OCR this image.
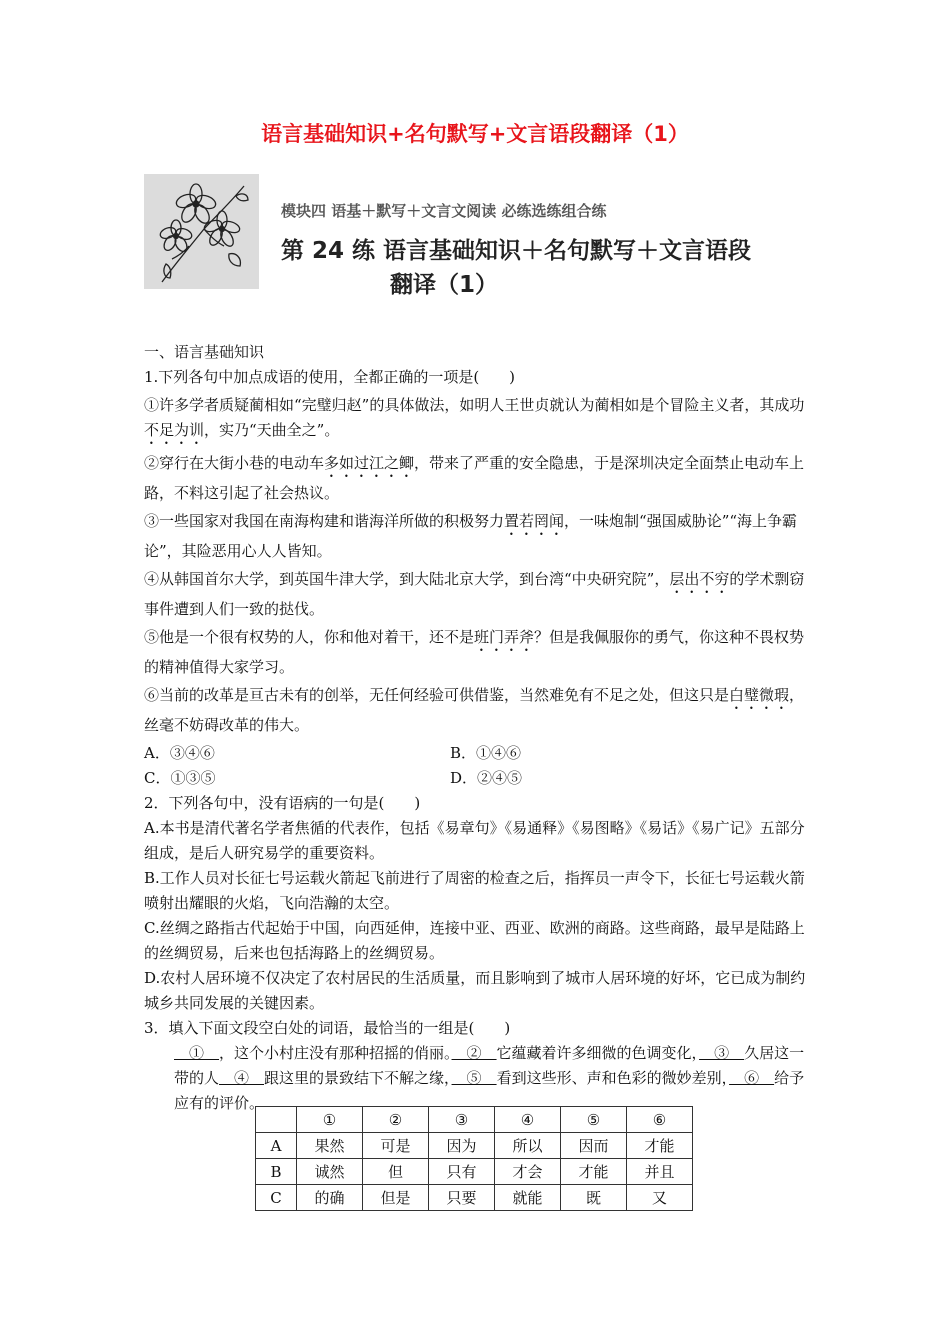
语言基础知识+名句默写+文言语段翻译（1）
模块四 语基＋默写＋文言文阅读 必练选练组合练
第 24 练 语言基础知识＋名句默写＋文言语段
翻译（1）

一、语言基础知识

1.下列各句中加点成语的使用，全都正确的一项是(　　)

①许多学者质疑蔺相如“完璧归赵”的具体做法，如明人王世贞就认为蔺相如是个冒险主义者，其成功不足为训，实乃“天曲全之”。

②穿行在大街小巷的电动车多如过江之鲫，带来了严重的安全隐患，于是深圳决定全面禁止电动车上路，不料这引起了社会热议。

③一些国家对我国在南海构建和谐海洋所做的积极努力置若罔闻，一味炮制“强国威胁论”“海上争霸论”，其险恶用心人人皆知。

④从韩国首尔大学，到英国牛津大学，到大陆北京大学，到台湾“中央研究院”，层出不穷的学术剽窃事件遭到人们一致的挞伐。

⑤他是一个很有权势的人，你和他对着干，还不是班门弄斧？但是我佩服你的勇气，你这种不畏权势的精神值得大家学习。

⑥当前的改革是亘古未有的创举，无任何经验可供借鉴，当然难免有不足之处，但这只是白璧微瑕，丝毫不妨碍改革的伟大。

A．③④⑥	B．①④⑥
C．①③⑤	D．②④⑤

2．下列各句中，没有语病的一句是(　　)

A.本书是清代著名学者焦循的代表作，包括《易章句》《易通释》《易图略》《易话》《易广记》五部分组成，是后人研究易学的重要资料。

B.工作人员对长征七号运载火箭起飞前进行了周密的检查之后，指挥员一声令下，长征七号运载火箭喷射出耀眼的火焰，飞向浩瀚的太空。

C.丝绸之路指古代起始于中国，向西延伸，连接中亚、西亚、欧洲的商路。这些商路，最早是陆路上的丝绸贸易，后来也包括海路上的丝绸贸易。

D.农村人居环境不仅决定了农村居民的生活质量，而且影响到了城市人居环境的好坏，它已成为制约城乡共同发展的关键因素。

3．填入下面文段空白处的词语，最恰当的一组是(　　)

　①　，这个小村庄没有那种招摇的俏丽。　②　它蕴藏着许多细微的色调变化，　③　久居这一带的人　④　跟这里的景致结下不解之缘，　⑤　看到这些形、声和色彩的微妙差别，　⑥　给予应有的评价。

	①	②	③	④	⑤	⑥
A	果然	可是	因为	所以	因而	才能
B	诚然	但	只有	才会	才能	并且
C	的确	但是	只要	就能	既	又
